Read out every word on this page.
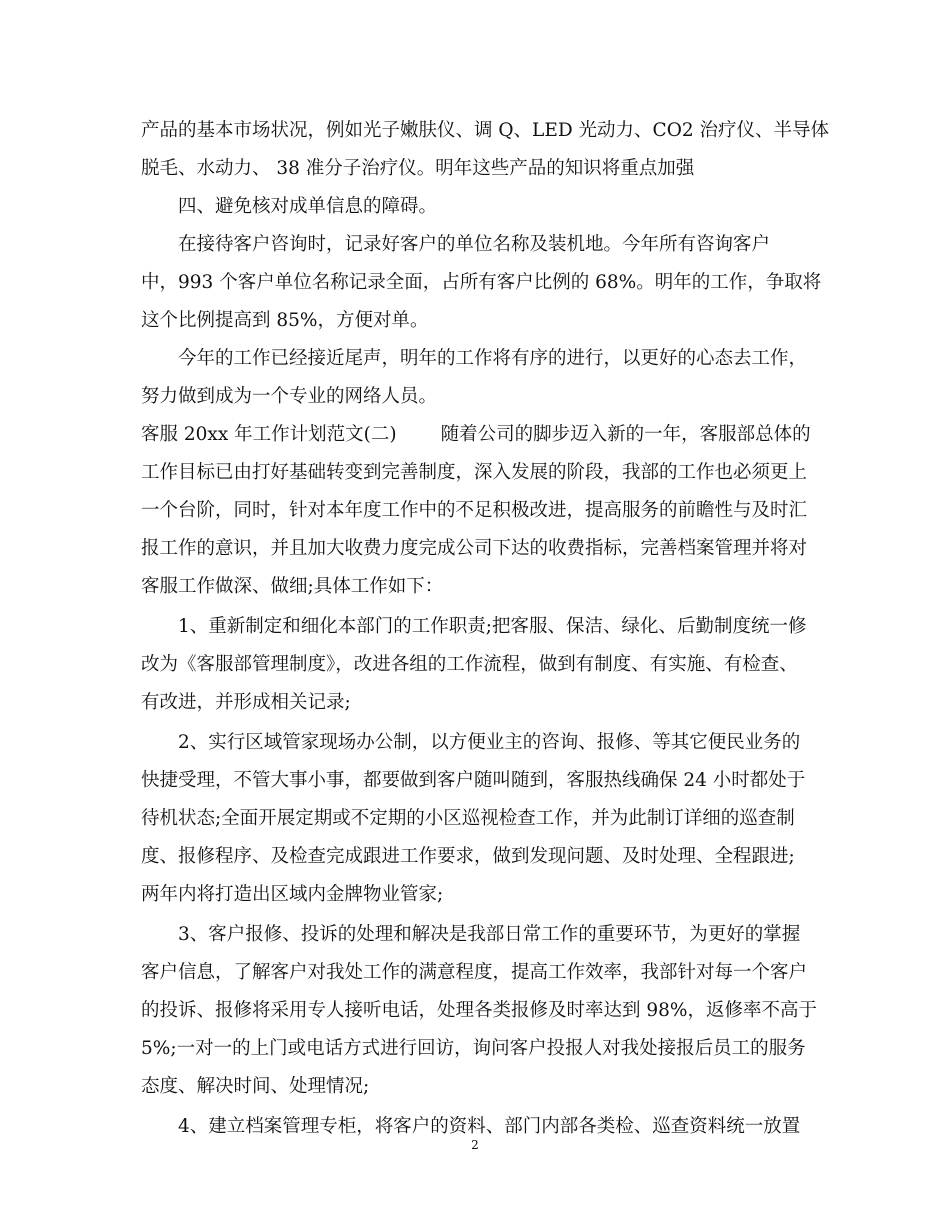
产品的基本市场状况，例如光子嫩肤仪、调 Q、LED 光动力、CO2 治疗仪、半导体
脱毛、水动力、 38 准分子治疗仪。明年这些产品的知识将重点加强
四、避免核对成单信息的障碍。
在接待客户咨询时，记录好客户的单位名称及装机地。今年所有咨询客户
中，993 个客户单位名称记录全面，占所有客户比例的 68%。明年的工作，争取将
这个比例提高到 85%，方便对单。
今年的工作已经接近尾声，明年的工作将有序的进行，以更好的心态去工作，
努力做到成为一个专业的网络人员。
客服 20xx 年工作计划范文(二) 随着公司的脚步迈入新的一年，客服部总体的
工作目标已由打好基础转变到完善制度，深入发展的阶段，我部的工作也必须更上
一个台阶，同时，针对本年度工作中的不足积极改进，提高服务的前瞻性与及时汇
报工作的意识，并且加大收费力度完成公司下达的收费指标，完善档案管理并将对
客服工作做深、做细;具体工作如下：
1、重新制定和细化本部门的工作职责;把客服、保洁、绿化、后勤制度统一修
改为《客服部管理制度》，改进各组的工作流程，做到有制度、有实施、有检查、
有改进，并形成相关记录;
2、实行区域管家现场办公制，以方便业主的咨询、报修、等其它便民业务的
快捷受理，不管大事小事，都要做到客户随叫随到，客服热线确保 24 小时都处于
待机状态;全面开展定期或不定期的小区巡视检查工作，并为此制订详细的巡查制
度、报修程序、及检查完成跟进工作要求，做到发现问题、及时处理、全程跟进;
两年内将打造出区域内金牌物业管家;
3、客户报修、投诉的处理和解决是我部日常工作的重要环节，为更好的掌握
客户信息，了解客户对我处工作的满意程度，提高工作效率，我部针对每一个客户
的投诉、报修将采用专人接听电话，处理各类报修及时率达到 98%，返修率不高于
5%;一对一的上门或电话方式进行回访，询问客户投报人对我处接报后员工的服务
态度、解决时间、处理情况;
4、建立档案管理专柜，将客户的资料、部门内部各类检、巡查资料统一放置
2
